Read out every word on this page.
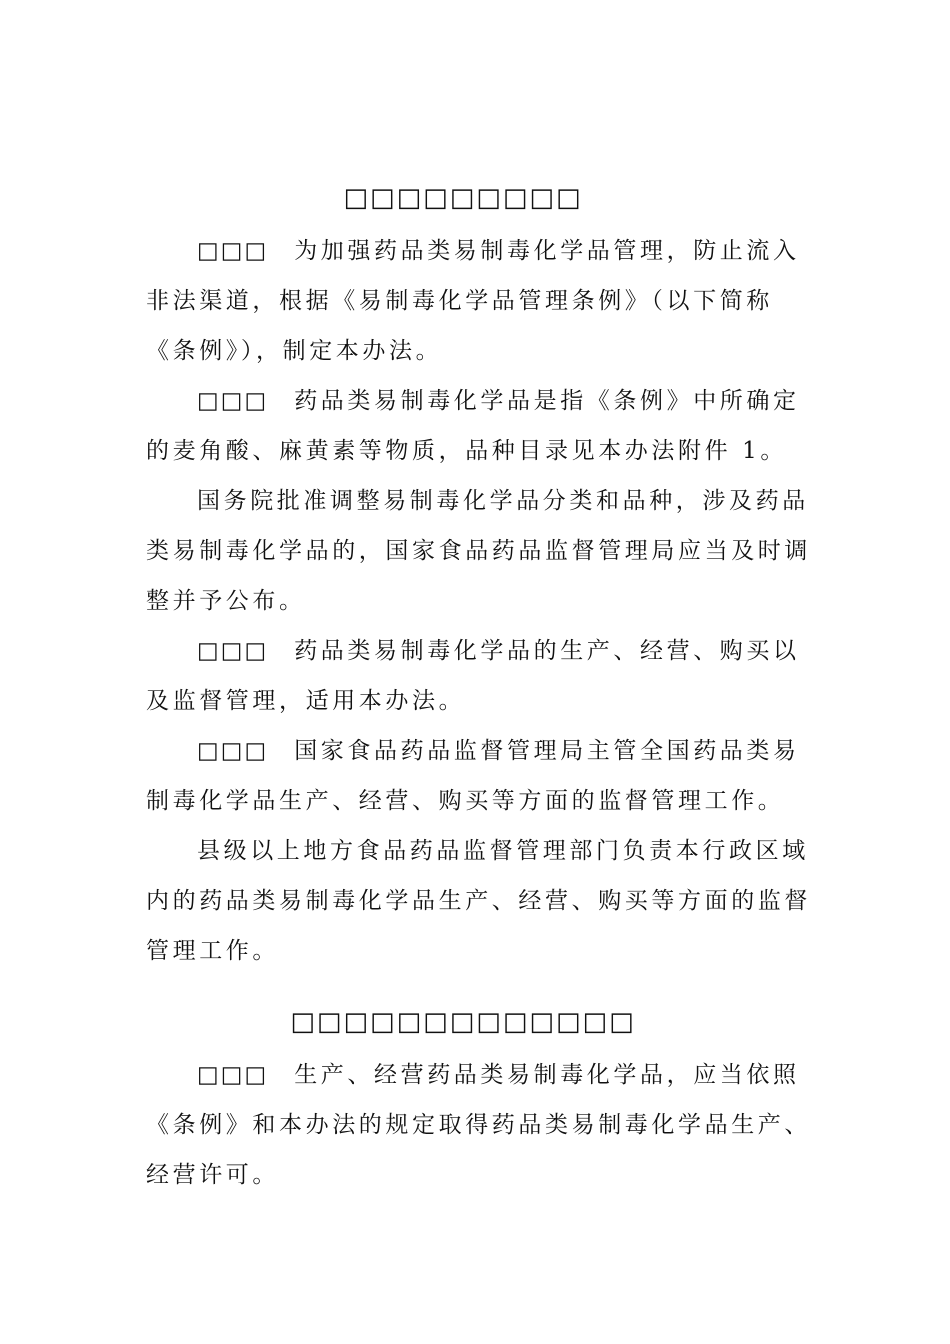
□□□□□□□□□
□□□ 为加强药品类易制毒化学品管理，防止流入
非法渠道，根据《易制毒化学品管理条例》（以下简称
《条例》），制定本办法。
□□□ 药品类易制毒化学品是指《条例》中所确定
的麦角酸、麻黄素等物质，品种目录见本办法附件 1。
国务院批准调整易制毒化学品分类和品种，涉及药品
类易制毒化学品的，国家食品药品监督管理局应当及时调
整并予公布。
□□□ 药品类易制毒化学品的生产、经营、购买以
及监督管理，适用本办法。
□□□ 国家食品药品监督管理局主管全国药品类易
制毒化学品生产、经营、购买等方面的监督管理工作。
县级以上地方食品药品监督管理部门负责本行政区域
内的药品类易制毒化学品生产、经营、购买等方面的监督
管理工作。
□□□□□□□□□□□□□
□□□ 生产、经营药品类易制毒化学品，应当依照
《条例》和本办法的规定取得药品类易制毒化学品生产、
经营许可。
